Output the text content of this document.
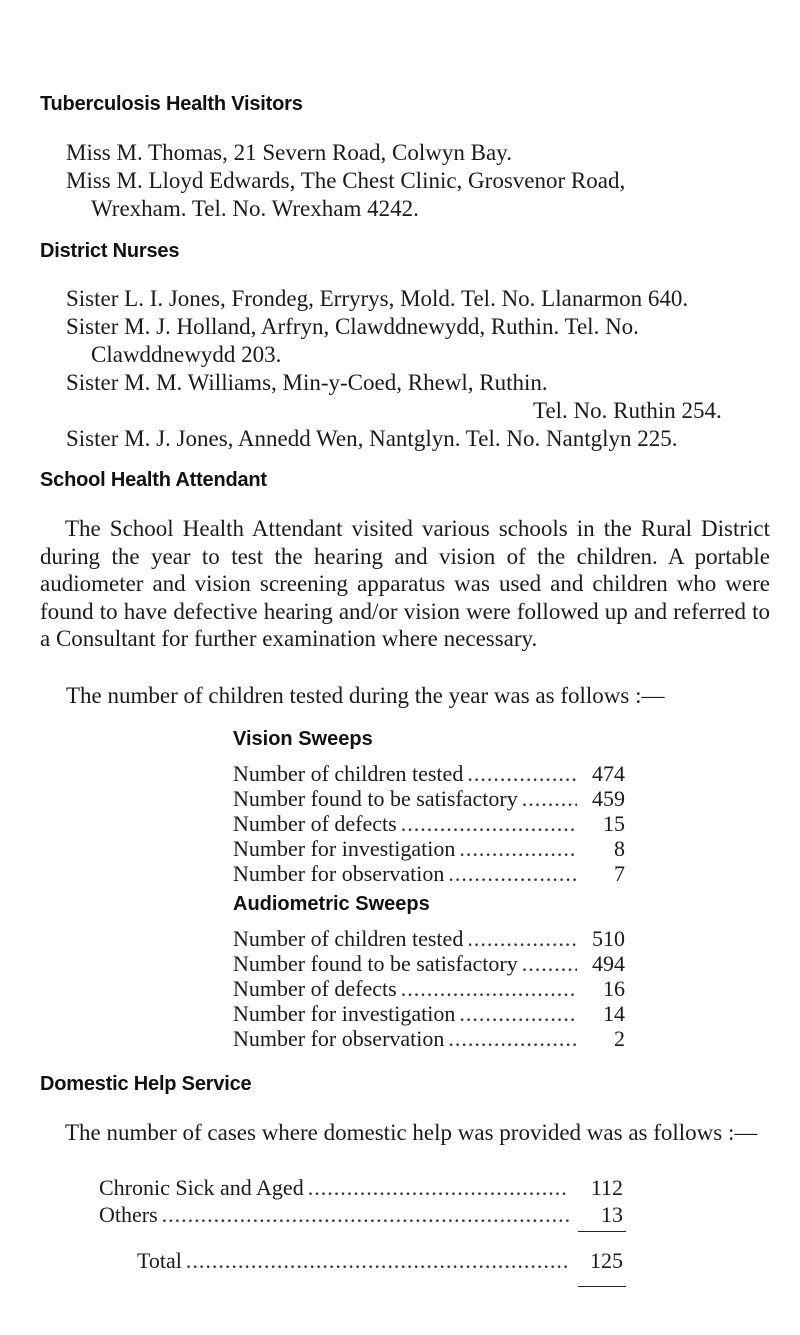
Tuberculosis Health Visitors
Miss M. Thomas, 21 Severn Road, Colwyn Bay.
Miss M. Lloyd Edwards, The Chest Clinic, Grosvenor Road,
Wrexham. Tel. No. Wrexham 4242.
District Nurses
Sister L. I. Jones, Frondeg, Erryrys, Mold. Tel. No. Llanarmon 640.
Sister M. J. Holland, Arfryn, Clawddnewydd, Ruthin. Tel. No.
Clawddnewydd 203.
Sister M. M. Williams, Min-y-Coed, Rhewl, Ruthin.
Tel. No. Ruthin 254.
Sister M. J. Jones, Annedd Wen, Nantglyn. Tel. No. Nantglyn 225.
School Health Attendant
The School Health Attendant visited various schools in the Rural District during the year to test the hearing and vision of the children. A portable audiometer and vision screening apparatus was used and children who were found to have defective hearing and/or vision were followed up and referred to a Consultant for further examination where necessary.
The number of children tested during the year was as follows :—
Vision Sweeps
Number of children tested .....	474
Number found to be satisfactory .....	459
Number of defects .....	15
Number for investigation .....	8
Number for observation .....	7
Audiometric Sweeps
Number of children tested .....	510
Number found to be satisfactory .....	494
Number of defects .....	16
Number for investigation .....	14
Number for observation .....	2
Domestic Help Service
The number of cases where domestic help was provided was as follows :—
Chronic Sick and Aged .....	112
Others .....	13
Total .....	125
